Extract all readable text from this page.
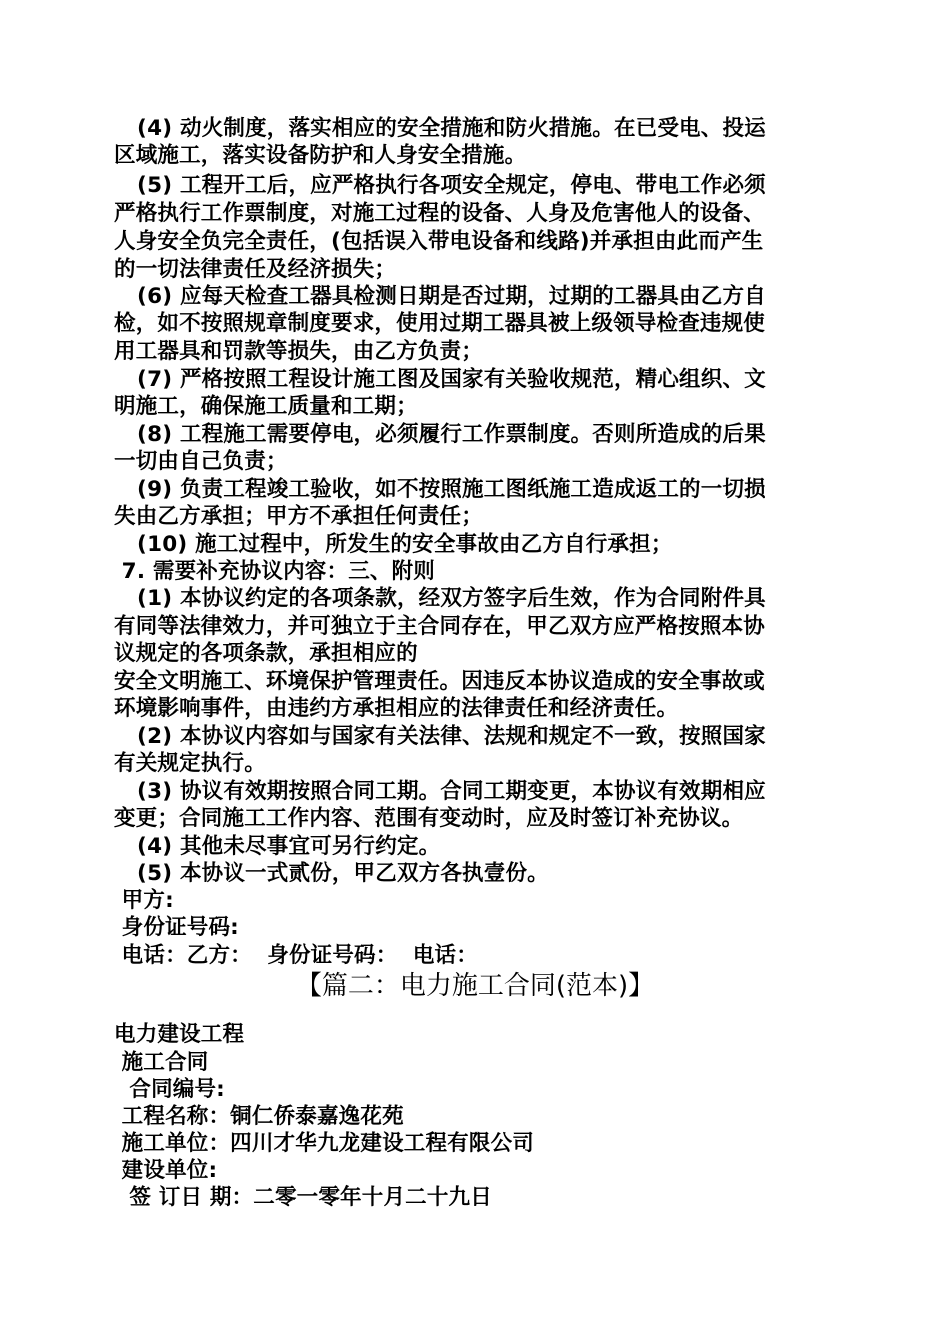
(4) 动火制度，落实相应的安全措施和防火措施。在已受电、投运
区域施工，落实设备防护和人身安全措施。
(5) 工程开工后，应严格执行各项安全规定，停电、带电工作必须
严格执行工作票制度，对施工过程的设备、人身及危害他人的设备、
人身安全负完全责任，(包括误入带电设备和线路)并承担由此而产生
的一切法律责任及经济损失；
(6) 应每天检查工器具检测日期是否过期，过期的工器具由乙方自
检，如不按照规章制度要求，使用过期工器具被上级领导检查违规使
用工器具和罚款等损失，由乙方负责；
(7) 严格按照工程设计施工图及国家有关验收规范，精心组织、文
明施工，确保施工质量和工期；
(8) 工程施工需要停电，必须履行工作票制度。否则所造成的后果
一切由自己负责；
(9) 负责工程竣工验收，如不按照施工图纸施工造成返工的一切损
失由乙方承担；甲方不承担任何责任；
(10) 施工过程中，所发生的安全事故由乙方自行承担；
7. 需要补充协议内容：三、附则
(1) 本协议约定的各项条款，经双方签字后生效，作为合同附件具
有同等法律效力，并可独立于主合同存在，甲乙双方应严格按照本协
议规定的各项条款，承担相应的
安全文明施工、环境保护管理责任。因违反本协议造成的安全事故或
环境影响事件，由违约方承担相应的法律责任和经济责任。
(2) 本协议内容如与国家有关法律、法规和规定不一致，按照国家
有关规定执行。
(3) 协议有效期按照合同工期。合同工期变更，本协议有效期相应
变更；合同施工工作内容、范围有变动时，应及时签订补充协议。
(4) 其他未尽事宜可另行约定。
(5) 本协议一式贰份，甲乙双方各执壹份。
甲方:
身份证号码:
电话：乙方：  身份证号码：  电话：
【篇二：电力施工合同(范本)】
电力建设工程
施工合同
合同编号:
工程名称：铜仁侨泰嘉逸花苑
施工单位：四川才华九龙建设工程有限公司
建设单位:
签 订日 期：二零一零年十月二十九日
